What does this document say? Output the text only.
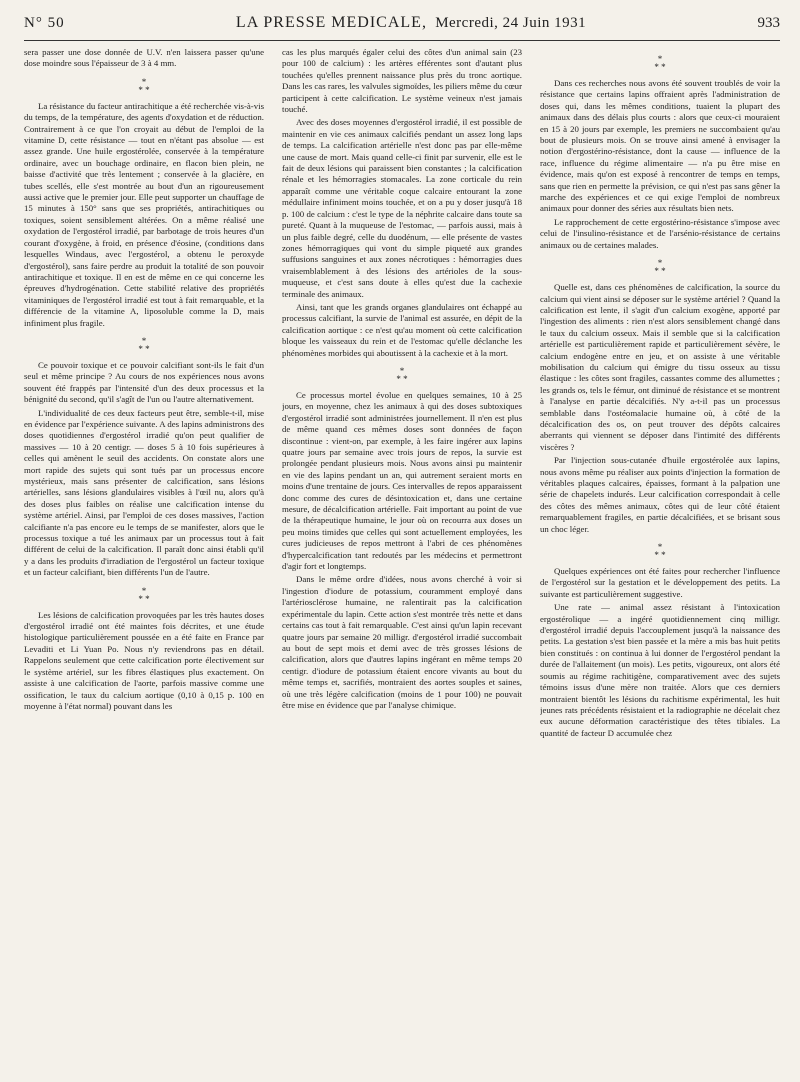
N° 50	LA PRESSE MEDICALE, Mercredi, 24 Juin 1931	933

sera passer une dose donnée de U.V. n'en laissera passer qu'une dose moindre sous l'épaisseur de 3 à 4 mm.

*
* *

La résistance du facteur antirachitique a été recherchée vis-à-vis du temps, de la température, des agents d'oxydation et de réduction. Contrairement à ce que l'on croyait au début de l'emploi de la vitamine D, cette résistance — tout en n'étant pas absolue — est assez grande. Une huile ergostérolée, conservée à la température ordinaire, avec un bouchage ordinaire, en flacon bien plein, ne baisse d'activité que très lentement ; conservée à la glacière, en tubes scellés, elle s'est montrée au bout d'un an rigoureusement aussi active que le premier jour. Elle peut supporter un chauffage de 15 minutes à 150° sans que ses propriétés, antirachitiques ou toxiques, soient sensiblement altérées. On a même réalisé une oxydation de l'ergostérol irradié, par barbotage de trois heures d'un courant d'oxygène, à froid, en présence d'éosine, (conditions dans lesquelles Windaus, avec l'ergostérol, a obtenu le peroxyde d'ergostérol), sans faire perdre au produit la totalité de son pouvoir antirachitique et toxique. Il en est de même en ce qui concerne les épreuves d'hydrogénation. Cette stabilité relative des propriétés vitaminiques de l'ergostérol irradié est tout à fait remarquable, et la différencie de la vitamine A, liposoluble comme la D, mais infiniment plus fragile.

*
* *

Ce pouvoir toxique et ce pouvoir calcifiant sont-ils le fait d'un seul et même principe ? Au cours de nos expériences nous avons souvent été frappés par l'intensité d'un des deux processus et la bénignité du second, qu'il s'agît de l'un ou l'autre alternativement.

L'individualité de ces deux facteurs peut être, semble-t-il, mise en évidence par l'expérience suivante. A des lapins administrons des doses quotidiennes d'ergostérol irradié qu'on peut qualifier de massives — 10 à 20 centigr. — doses 5 à 10 fois supérieures à celles qui amènent le seuil des accidents. On constate alors une mort rapide des sujets qui sont tués par un processus encore mystérieux, mais sans présenter de calcification, sans lésions artérielles, sans lésions glandulaires visibles à l'œil nu, alors qu'à des doses plus faibles on réalise une calcification intense du système artériel. Ainsi, par l'emploi de ces doses massives, l'action calcifiante n'a pas encore eu le temps de se manifester, alors que le processus toxique a tué les animaux par un processus tout à fait différent de celui de la calcification. Il paraît donc ainsi établi qu'il y a dans les produits d'irradiation de l'ergostérol un facteur toxique et un facteur calcifiant, bien différents l'un de l'autre.

*
* *

Les lésions de calcification provoquées par les très hautes doses d'ergostérol irradié ont été maintes fois décrites, et une étude histologique particulièrement poussée en a été faite en France par Levaditi et Li Yuan Po. Nous n'y reviendrons pas en détail. Rappelons seulement que cette calcification porte électivement sur le système artériel, sur les fibres élastiques plus exactement. On assiste à une calcification de l'aorte, parfois massive comme une ossification, le taux du calcium aortique (0,10 à 0,15 p. 100 en moyenne à l'état normal) pouvant dans les

cas les plus marqués égaler celui des côtes d'un animal sain (23 pour 100 de calcium) : les artères efférentes sont d'autant plus touchées qu'elles prennent naissance plus près du tronc aortique. Dans les cas rares, les valvules sigmoïdes, les piliers même du cœur participent à cette calcification. Le système veineux n'est jamais touché.

Avec des doses moyennes d'ergostérol irradié, il est possible de maintenir en vie ces animaux calcifiés pendant un assez long laps de temps. La calcification artérielle n'est donc pas par elle-même une cause de mort. Mais quand celle-ci finit par survenir, elle est le fait de deux lésions qui paraissent bien constantes ; la calcification rénale et les hémorragies stomacales. La zone corticale du rein apparaît comme une véritable coque calcaire entourant la zone médullaire infiniment moins touchée, et on a pu y doser jusqu'à 18 p. 100 de calcium : c'est le type de la néphrite calcaire dans toute sa pureté. Quant à la muqueuse de l'estomac, — parfois aussi, mais à un plus faible degré, celle du duodénum, — elle présente de vastes zones hémorragiques qui vont du simple piqueté aux grandes suffusions sanguines et aux zones nécrotiques : hémorragies dues vraisemblablement à des lésions des artérioles de la sous-muqueuse, et c'est sans doute à elles qu'est due la cachexie terminale des animaux.

Ainsi, tant que les grands organes glandulaires ont échappé au processus calcifiant, la survie de l'animal est assurée, en dépit de la calcification aortique : ce n'est qu'au moment où cette calcification bloque les vaisseaux du rein et de l'estomac qu'elle déclanche les phénomènes morbides qui aboutissent à la cachexie et à la mort.

*
* *

Ce processus mortel évolue en quelques semaines, 10 à 25 jours, en moyenne, chez les animaux à qui des doses subtoxiques d'ergostérol irradié sont administrées journellement. Il n'en est plus de même quand ces mêmes doses sont données de façon discontinue : vient-on, par exemple, à les faire ingérer aux lapins quatre jours par semaine avec trois jours de repos, la survie est prolongée pendant plusieurs mois. Nous avons ainsi pu maintenir en vie des lapins pendant un an, qui autrement seraient morts en moins d'une trentaine de jours. Ces intervalles de repos apparaissent donc comme des cures de désintoxication et, dans une certaine mesure, de décalcification artérielle. Fait important au point de vue de la thérapeutique humaine, le jour où on recourra aux doses un peu moins timides que celles qui sont actuellement employées, les cures judicieuses de repos mettront à l'abri de ces phénomènes d'hypercalcification tant redoutés par les médecins et permettront d'agir fort et longtemps.

Dans le même ordre d'idées, nous avons cherché à voir si l'ingestion d'iodure de potassium, couramment employé dans l'artériosclérose humaine, ne ralentirait pas la calcification expérimentale du lapin. Cette action s'est montrée très nette et dans certains cas tout à fait remarquable. C'est ainsi qu'un lapin recevant quatre jours par semaine 20 milligr. d'ergostérol irradié succombait au bout de sept mois et demi avec de très grosses lésions de calcification, alors que d'autres lapins ingérant en même temps 20 centigr. d'iodure de potassium étaient encore vivants au bout du même temps et, sacrifiés, montraient des aortes souples et saines, où une très légère calcification (moins de 1 pour 100) ne pouvait être mise en évidence que par l'analyse chimique.

*
* *

Dans ces recherches nous avons été souvent troublés de voir la résistance que certains lapins offraient après l'administration de doses qui, dans les mêmes conditions, tuaient la plupart des animaux dans des délais plus courts : alors que ceux-ci mouraient en 15 à 20 jours par exemple, les premiers ne succombaient qu'au bout de plusieurs mois. On se trouve ainsi amené à envisager la notion d'ergostérino-résistance, dont la cause — influence de la race, influence du régime alimentaire — n'a pu être mise en évidence, mais qu'on est exposé à rencontrer de temps en temps, sans que rien en permette la prévision, ce qui n'est pas sans gêner la marche des expériences et ce qui exige l'emploi de nombreux animaux pour donner des séries aux résultats bien nets.

Le rapprochement de cette ergostérino-résistance s'impose avec celui de l'insulino-résistance et de l'arsénio-résistance de certains animaux ou de certaines malades.

*
* *

Quelle est, dans ces phénomènes de calcification, la source du calcium qui vient ainsi se déposer sur le système artériel ? Quand la calcification est lente, il s'agit d'un calcium exogène, apporté par l'ingestion des aliments : rien n'est alors sensiblement changé dans le taux du calcium osseux. Mais il semble que si la calcification artérielle est particulièrement rapide et particulièrement sévère, le calcium endogène entre en jeu, et on assiste à une véritable mobilisation du calcium qui émigre du tissu osseux au tissu élastique : les côtes sont fragiles, cassantes comme des allumettes ; les grands os, tels le fémur, ont diminué de résistance et se montrent à l'analyse en partie décalcifiés. N'y a-t-il pas un processus semblable dans l'ostéomalacie humaine où, à côté de la décalcification des os, on peut trouver des dépôts calcaires aberrants qui viennent se déposer dans l'intimité des différents viscères ?

Par l'injection sous-cutanée d'huile ergostérolée aux lapins, nous avons même pu réaliser aux points d'injection la formation de véritables plaques calcaires, épaisses, formant à la palpation une série de chapelets indurés. Leur calcification correspondait à celle des côtes des mêmes animaux, côtes qui de leur côté étaient remarquablement fragiles, en partie décalcifiées, et se brisant sous un choc léger.

*
* *

Quelques expériences ont été faites pour rechercher l'influence de l'ergostérol sur la gestation et le développement des petits. La suivante est particulièrement suggestive.

Une rate — animal assez résistant à l'intoxication ergostérolique — a ingéré quotidiennement cinq milligr. d'ergostérol irradié depuis l'accouplement jusqu'à la naissance des petits. La gestation s'est bien passée et la mère a mis bas huit petits bien constitués : on continua à lui donner de l'ergostérol pendant la durée de l'allaitement (un mois). Les petits, vigoureux, ont alors été soumis au régime rachitigène, comparativement avec des sujets témoins issus d'une mère non traitée. Alors que ces derniers montraient bientôt les lésions du rachitisme expérimental, les huit jeunes rats précédents résistaient et la radiographie ne décelait chez eux aucune déformation caractéristique des têtes tibiales. La quantité de facteur D accumulée chez
